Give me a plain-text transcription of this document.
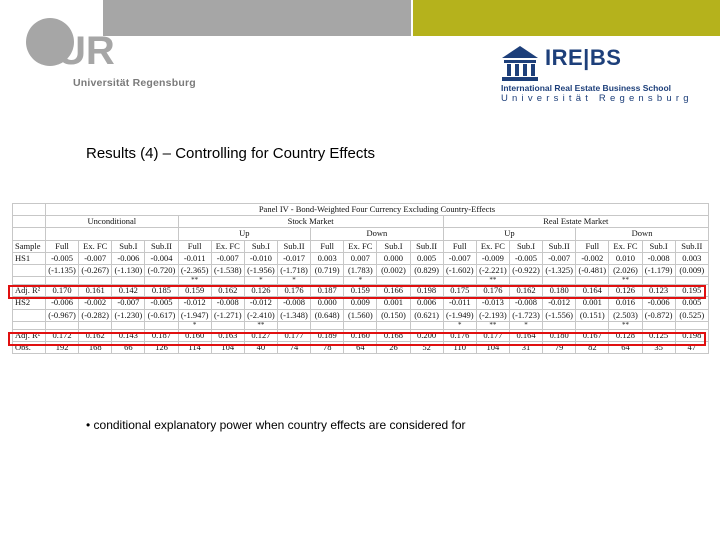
UR
Universität Regensburg
IRE|BS
International Real Estate Business School
Universität Regensburg
Results (4) – Controlling for Country Effects
	Panel IV - Bond-Weighted Four Currency Excluding Country-Effects																			
	Unconditional				Stock Market								Real Estate Market							
					Up				Down				Up				Down			
Sample	Full	Ex. FC	Sub.I	Sub.II	Full	Ex. FC	Sub.I	Sub.II	Full	Ex. FC	Sub.I	Sub.II	Full	Ex. FC	Sub.I	Sub.II	Full	Ex. FC	Sub.I	Sub.II
HS1	-0.005	-0.007	-0.006	-0.004	-0.011	-0.007	-0.010	-0.017	0.003	0.007	0.000	0.005	-0.007	-0.009	-0.005	-0.007	-0.002	0.010	-0.008	0.003
	(-1.135)	(-0.267)	(-1.130)	(-0.720)	(-2.365)	(-1.538)	(-1.956)	(-1.718)	(0.719)	(1.783)	(0.002)	(0.829)	(-1.602)	(-2.221)	(-0.922)	(-1.325)	(-0.481)	(2.026)	(-1.179)	(0.009)
					**		*	*		*				**				**		
Adj. R²	0.170	0.161	0.142	0.185	0.159	0.162	0.126	0.176	0.187	0.159	0.166	0.198	0.175	0.176	0.162	0.180	0.164	0.126	0.123	0.195
HS2	-0.006	-0.002	-0.007	-0.005	-0.012	-0.008	-0.012	-0.008	0.000	0.009	0.001	0.006	-0.011	-0.013	-0.008	-0.012	0.001	0.016	-0.006	0.005
	(-0.967)	(-0.282)	(-1.230)	(-0.617)	(-1.947)	(-1.271)	(-2.410)	(-1.348)	(0.648)	(1.560)	(0.150)	(0.621)	(-1.949)	(-2.193)	(-1.723)	(-1.556)	(0.151)	(2.503)	(-0.872)	(0.525)
					*		**						*	**	*			**		
Adj. R²	0.172	0.162	0.143	0.187	0.160	0.163	0.127	0.177	0.189	0.160	0.168	0.200	0.176	0.177	0.164	0.180	0.167	0.128	0.125	0.198
Obs.	192	168	66	126	114	104	40	74	78	64	26	52	110	104	31	79	82	64	35	47
• conditional explanatory power when country effects are considered for
